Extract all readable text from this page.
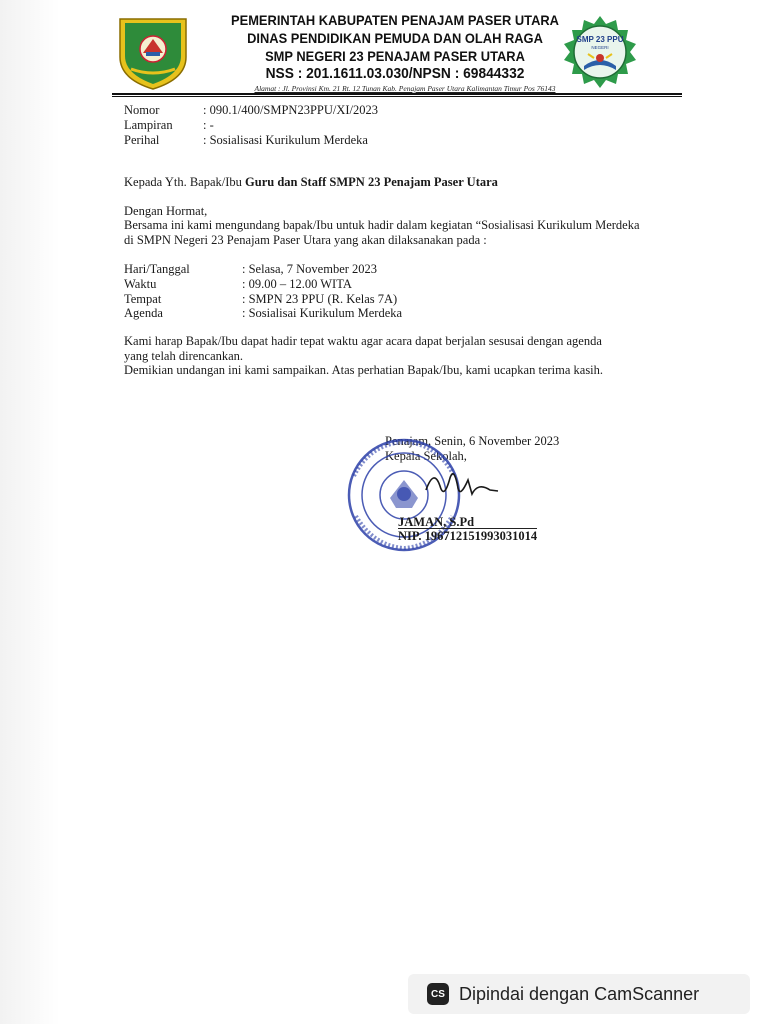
PEMERINTAH KABUPATEN PENAJAM PASER UTARA
DINAS PENDIDIKAN PEMUDA DAN OLAH RAGA
SMP NEGERI 23 PENAJAM PASER UTARA
NSS : 201.1611.03.030/NPSN : 69844332
Alamat : Jl. Provinsi Km. 21 Rt. 12 Tunan Kab. Penajam Paser Utara Kalimantan Timur Pos 76143
SMP 23 PPU
NEGERI
Nomor	: 090.1/400/SMPN23PPU/XI/2023
Lampiran : -
Perihal	: Sosialisasi Kurikulum Merdeka
Kepada Yth. Bapak/Ibu Guru dan Staff SMPN 23 Penajam Paser Utara
Dengan Hormat,
Bersama ini kami mengundang bapak/Ibu untuk hadir dalam kegiatan “Sosialisasi Kurikulum Merdeka
di SMPN Negeri 23 Penajam Paser Utara yang akan dilaksanakan pada :
Hari/Tanggal	: Selasa, 7 November 2023
Waktu	: 09.00 – 12.00 WITA
Tempat	: SMPN 23 PPU (R. Kelas 7A)
Agenda	: Sosialisai Kurikulum Merdeka
Kami harap Bapak/Ibu dapat hadir tepat waktu agar acara dapat berjalan sesusai dengan agenda
yang telah direncankan.
Demikian undangan ini kami sampaikan. Atas perhatian Bapak/Ibu, kami ucapkan terima kasih.
Penajam, Senin, 6 November 2023
Kepala Sekolah,
JAMAN, S.Pd
NIP. 196712151993031014
CS Dipindai dengan CamScanner
